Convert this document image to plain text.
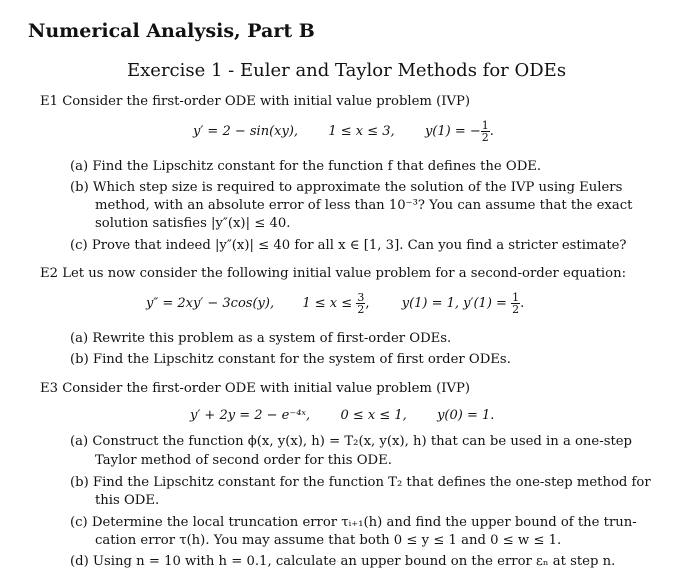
Numerical Analysis, Part B
Exercise 1 - Euler and Taylor Methods for ODEs
E1 Consider the first-order ODE with initial value problem (IVP)
y′ = 2 − sin(xy), 1 ≤ x ≤ 3, y(1) = − $\frac{1}{2}$ .
(a) Find the Lipschitz constant for the function f that defines the ODE.
(b) Which step size is required to approximate the solution of the IVP using Eulers
method, with an absolute error of less than 10⁻³? You can assume that the exact
solution satisfies |y″(x)| ≤ 40.
(c) Prove that indeed |y″(x)| ≤ 40 for all x ∈ [1, 3]. Can you find a stricter estimate?
E2 Let us now consider the following initial value problem for a second-order equation:
y″ = 2xy′ − 3cos(y), $1 \le x \le \frac{3}{2}$ , y(1) = 1, $y'(1) = \frac{1}{2}$ .
(a) Rewrite this problem as a system of first-order ODEs.
(b) Find the Lipschitz constant for the system of first order ODEs.
E3 Consider the first-order ODE with initial value problem (IVP)
y′ + 2y = 2 − e⁻⁴ˣ, 0 ≤ x ≤ 1, y(0) = 1.
(a) Construct the function ϕ(x, y(x), h) = T₂(x, y(x), h) that can be used in a one-step
Taylor method of second order for this ODE.
(b) Find the Lipschitz constant for the function T₂ that defines the one-step method for
this ODE.
(c) Determine the local truncation error τᵢ₊₁(h) and find the upper bound of the trun-
cation error τ(h). You may assume that both 0 ≤ y ≤ 1 and 0 ≤ w ≤ 1.
(d) Using n = 10 with h = 0.1, calculate an upper bound on the error εₙ at step n.
